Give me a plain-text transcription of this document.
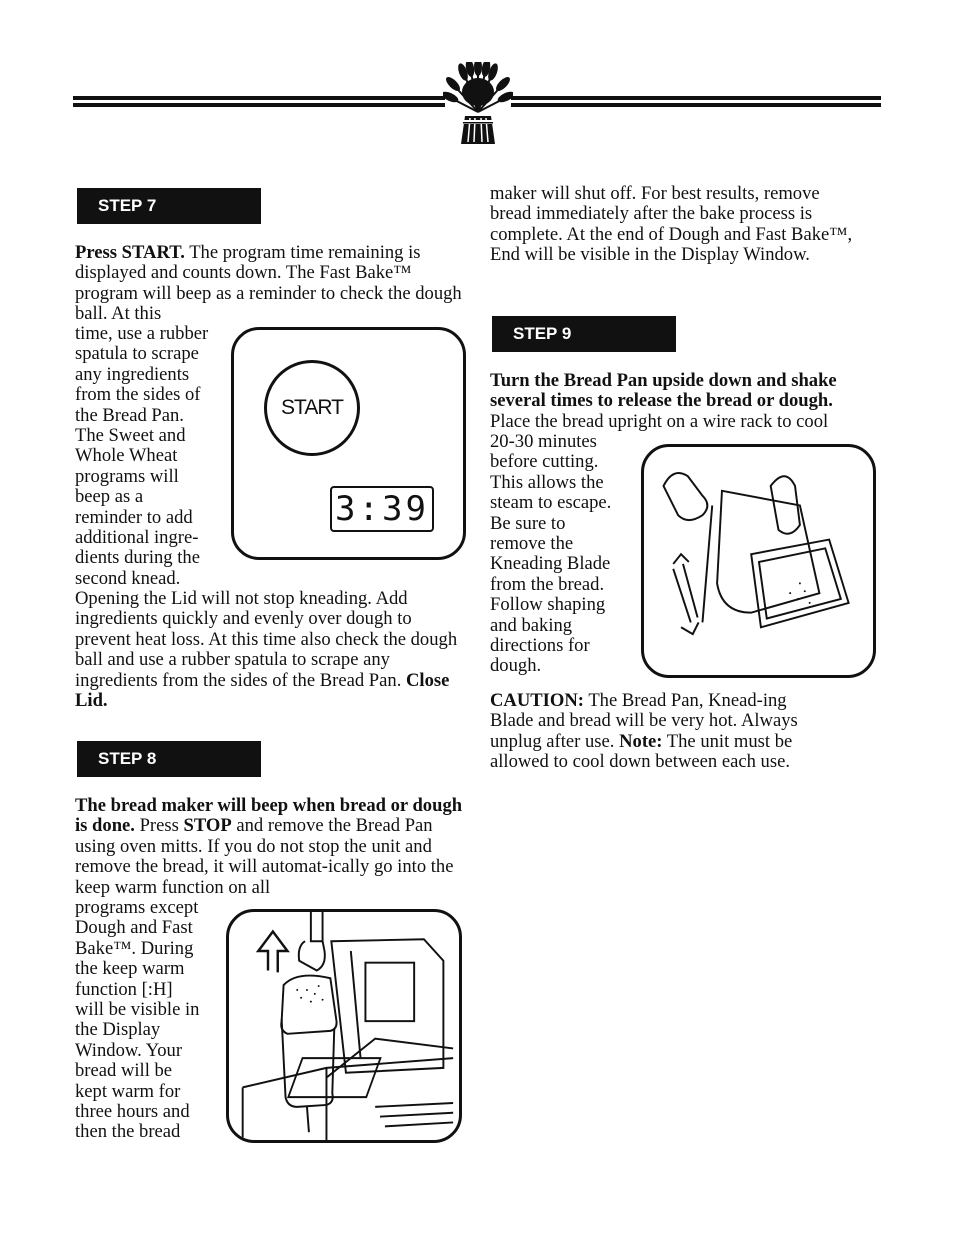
STEP 7
Press START. The program time remaining is displayed and counts down. The Fast Bake™ program will beep as a reminder to check the dough ball. At this

time, use a rubber

spatula to scrape

any ingredients

from the sides of

the Bread Pan.

The Sweet and

Whole Wheat

programs will

beep as a

reminder to add

additional ingre-

dients during the

second knead.

START
3:39
Opening the Lid will not stop kneading. Add ingredients quickly and evenly over dough to prevent heat loss. At this time also check the dough ball and use a rubber spatula to scrape any ingredients from the sides of the Bread Pan. Close Lid.
STEP 8
The bread maker will beep when bread or dough is done. Press STOP and remove the Bread Pan using oven mitts. If you do not stop the unit and remove the bread, it will automat-ically go into the keep warm function on all

programs except

Dough and Fast

Bake™. During

the keep warm

function [:H]

will be visible in

the Display

Window. Your

bread will be

kept warm for

three hours and

then the bread

maker will shut off. For best results, remove bread immediately after the bake process is complete. At the end of Dough and Fast Bake™, End will be visible in the Display Window.
STEP 9
Turn the Bread Pan upside down and shake several times to release the bread or dough.

Place the bread upright on a wire rack to cool

20-30 minutes

before cutting.

This allows the

steam to escape.

Be sure to

remove the

Kneading Blade

from the bread.

Follow shaping

and baking

directions for

dough.

CAUTION: The Bread Pan, Knead-ing Blade and bread will be very hot. Always unplug after use. Note: The unit must be allowed to cool down between each use.
